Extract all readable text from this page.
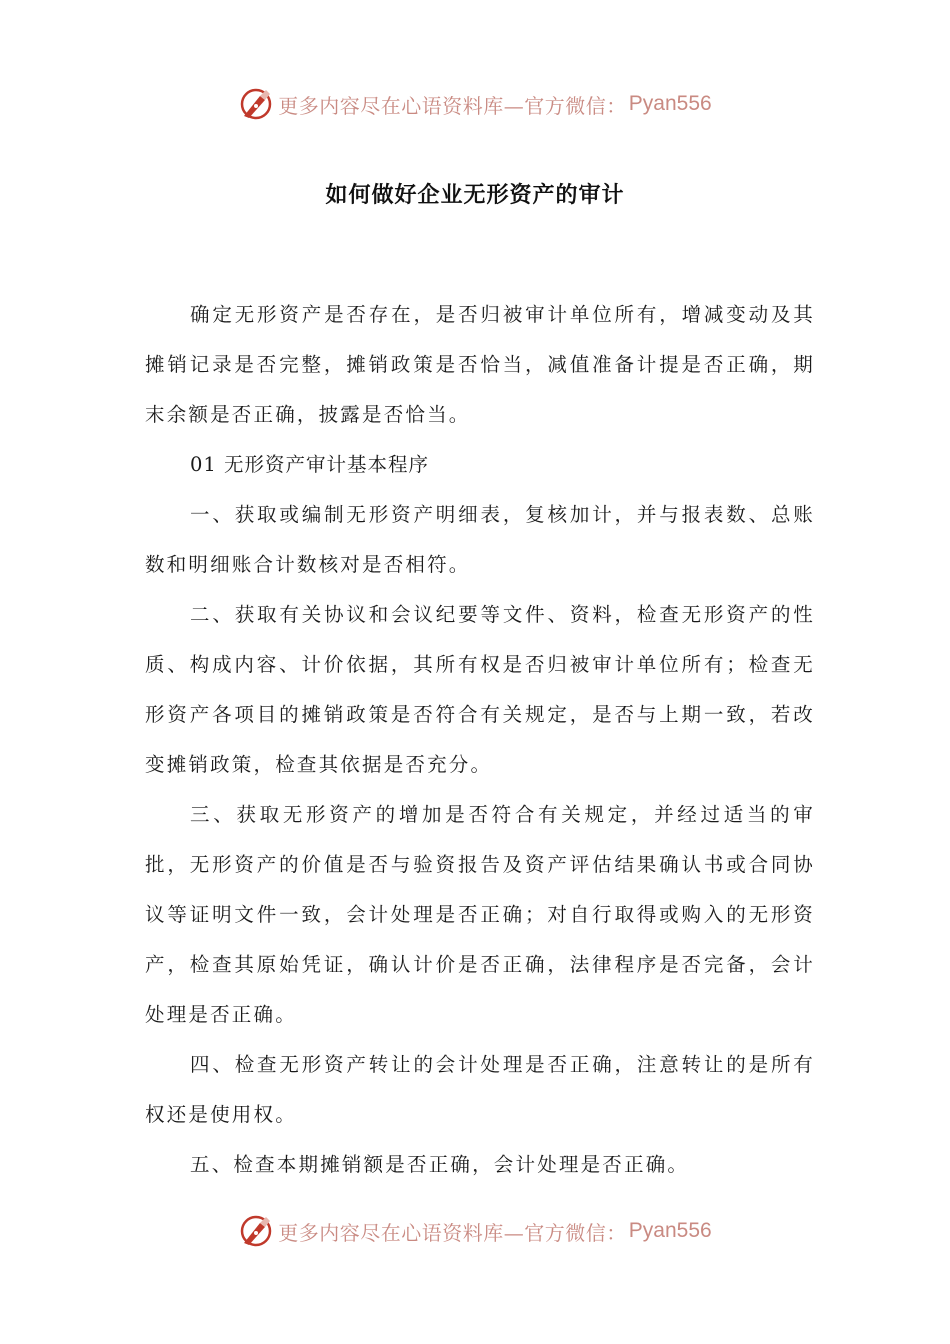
更多内容尽在心语资料库—官方微信： Pyan556
如何做好企业无形资产的审计

确定无形资产是否存在，是否归被审计单位所有，增减变动及其摊销记录是否完整，摊销政策是否恰当，减值准备计提是否正确，期末余额是否正确，披露是否恰当。

01 无形资产审计基本程序

一、获取或编制无形资产明细表，复核加计，并与报表数、总账数和明细账合计数核对是否相符。

二、获取有关协议和会议纪要等文件、资料，检查无形资产的性质、构成内容、计价依据，其所有权是否归被审计单位所有；检查无形资产各项目的摊销政策是否符合有关规定，是否与上期一致，若改变摊销政策，检查其依据是否充分。

三、获取无形资产的增加是否符合有关规定，并经过适当的审批，无形资产的价值是否与验资报告及资产评估结果确认书或合同协议等证明文件一致，会计处理是否正确；对自行取得或购入的无形资产，检查其原始凭证，确认计价是否正确，法律程序是否完备，会计处理是否正确。

四、检查无形资产转让的会计处理是否正确，注意转让的是所有权还是使用权。

五、检查本期摊销额是否正确，会计处理是否正确。

更多内容尽在心语资料库—官方微信： Pyan556
